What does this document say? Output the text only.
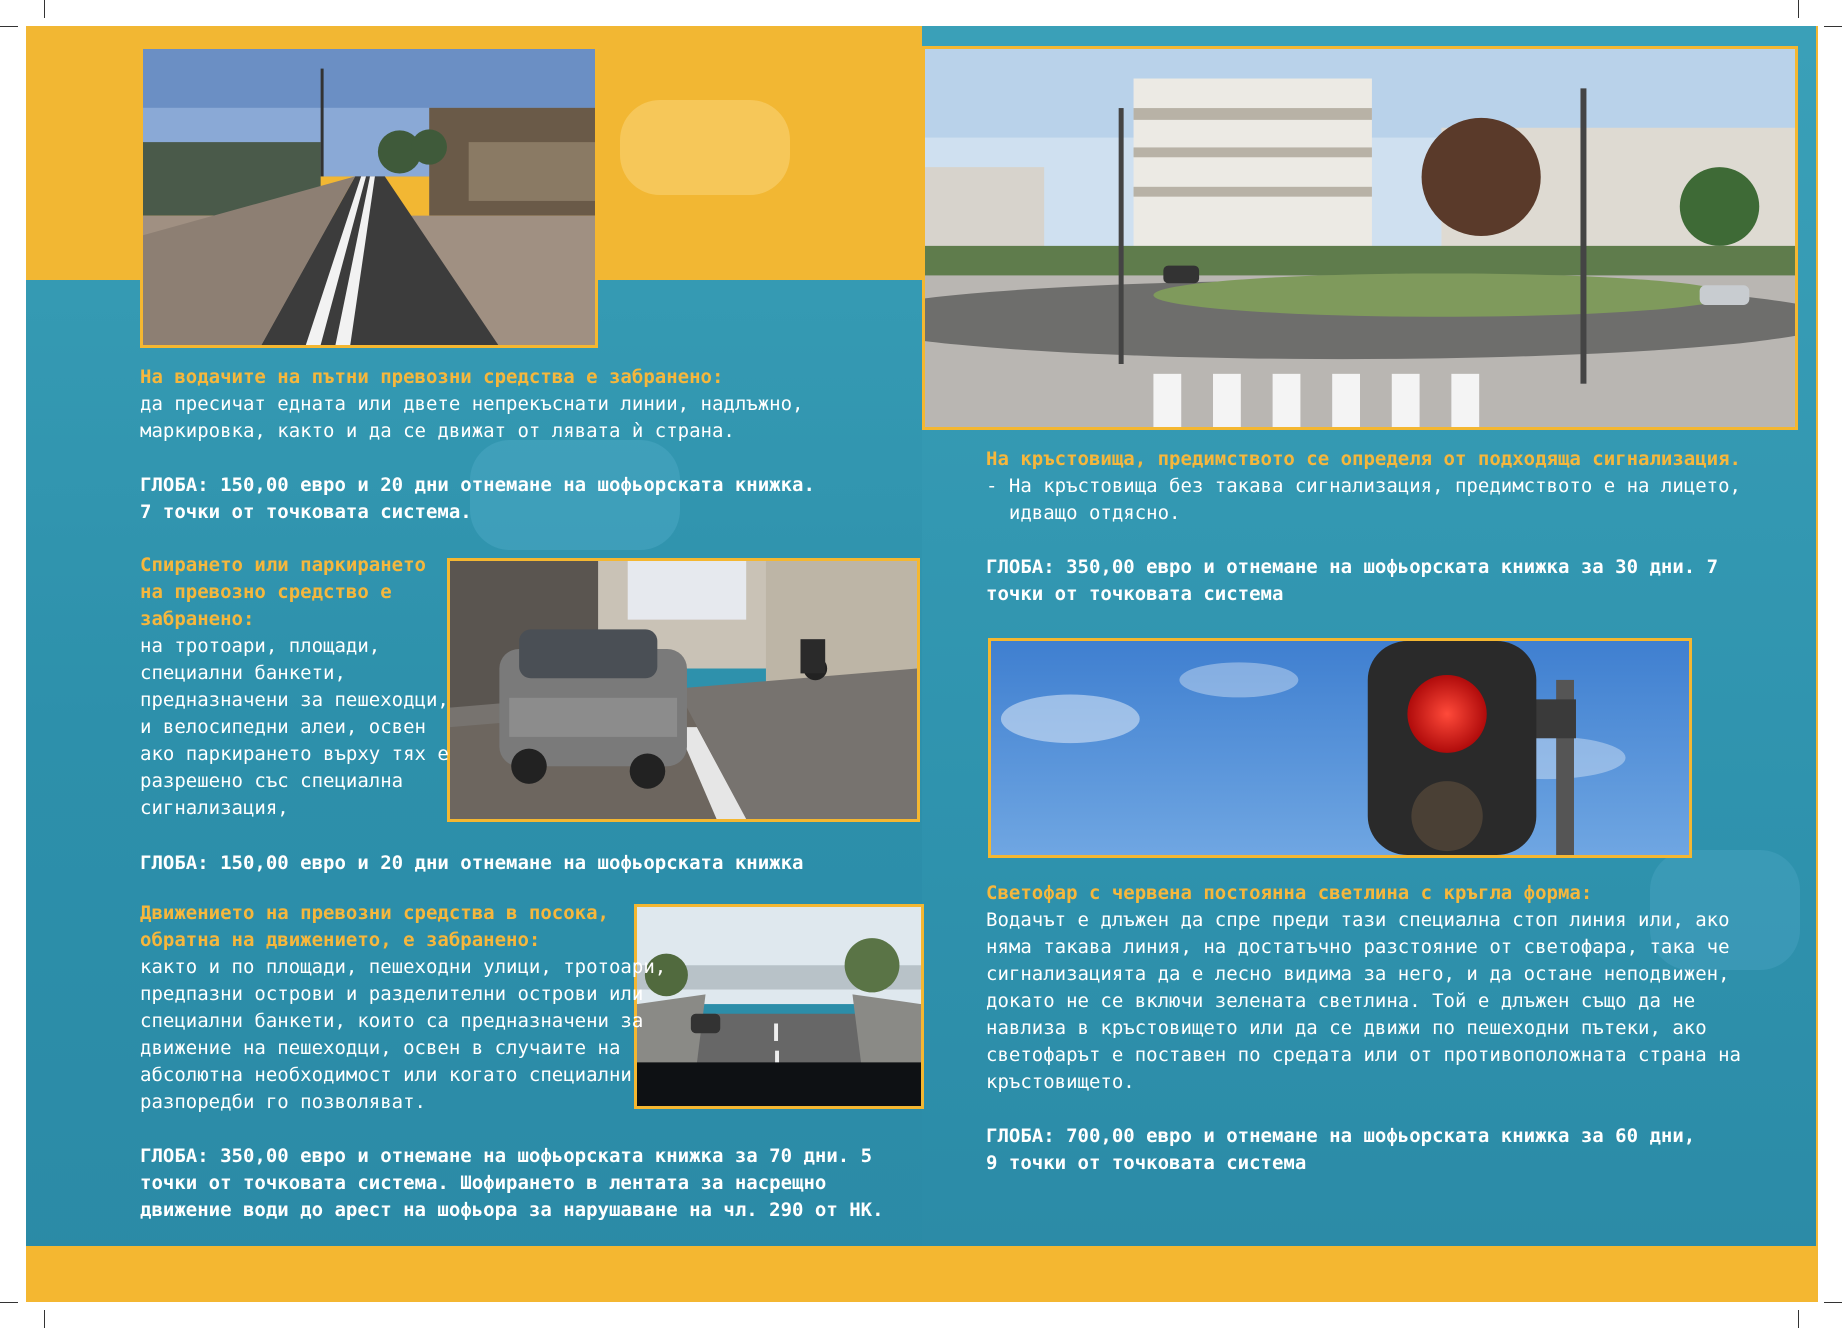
На водачите на пътни превозни средства е забранено:
да пресичат едната или двете непрекъснати линии, надлъжно,
маркировка, както и да се движат от лявата ѝ страна.
ГЛОБА: 150,00 евро и 20 дни отнемане на шофьорската книжка.
7 точки от точковата система.
Спирането или паркирането
на превозно средство е
забранено:
на тротоари, площади,
специални банкети,
предназначени за пешеходци,
и велосипедни алеи, освен
ако паркирането върху тях е
разрешено със специална
сигнализация,
ГЛОБА: 150,00 евро и 20 дни отнемане на шофьорската книжка
Движението на превозни средства в посока,
обратна на движението, е забранено:
както и по площади, пешеходни улици, тротоари,
предпазни острови и разделителни острови или
специални банкети, които са предназначени за
движение на пешеходци, освен в случаите на
абсолютна необходимост или когато специални
разпоредби го позволяват.
ГЛОБА: 350,00 евро и отнемане на шофьорската книжка за 70 дни. 5
точки от точковата система. Шофирането в лентата за насрещно
движение води до арест на шофьора за нарушаване на чл. 290 от НК.
На кръстовища, предимството се определя от подходяща сигнализация.
- На кръстовища без такава сигнализация, предимството е на лицето,
идващо отдясно.
ГЛОБА: 350,00 евро и отнемане на шофьорската книжка за 30 дни. 7
точки от точковата система
Светофар с червена постоянна светлина с кръгла форма:
Водачът е длъжен да спре преди тази специална стоп линия или, ако
няма такава линия, на достатъчно разстояние от светофара, така че
сигнализацията да е лесно видима за него, и да остане неподвижен,
докато не се включи зелената светлина. Той е длъжен също да не
навлиза в кръстовището или да се движи по пешеходни пътеки, ако
светофарът е поставен по средата или от противоположната страна на
кръстовището.
ГЛОБА: 700,00 евро и отнемане на шофьорската книжка за 60 дни,
9 точки от точковата система
